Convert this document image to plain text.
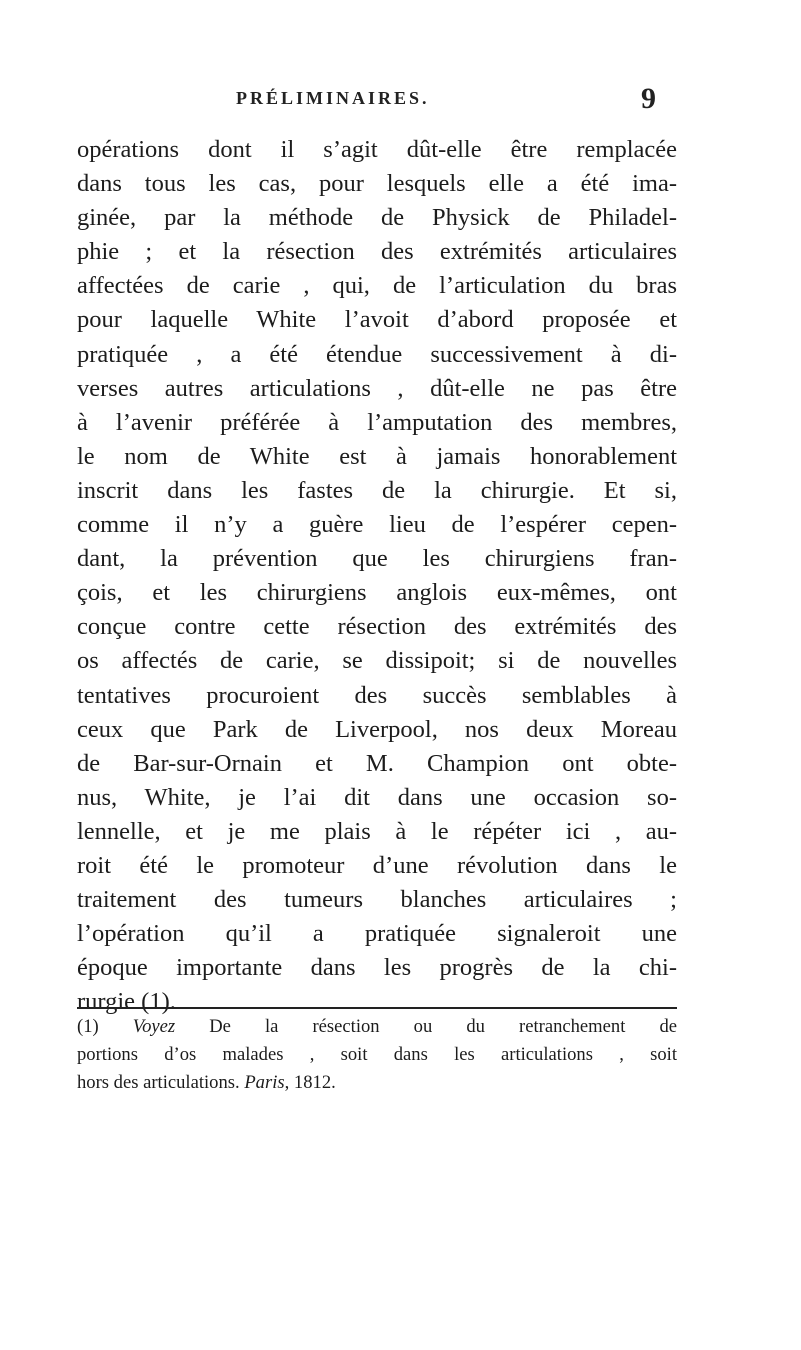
PRÉLIMINAIRES.	9
opérations dont il s’agit dût-elle être remplacée
dans tous les cas, pour lesquels elle a été ima-
ginée, par la méthode de Physick de Philadel-
phie ; et la résection des extrémités articulaires
affectées de carie , qui, de l’articulation du bras
pour laquelle White l’avoit d’abord proposée et
pratiquée , a été étendue successivement à di-
verses autres articulations , dût-elle ne pas être
à l’avenir préférée à l’amputation des membres,
le nom de White est à jamais honorablement
inscrit dans les fastes de la chirurgie. Et si,
comme il n’y a guère lieu de l’espérer cepen-
dant, la prévention que les chirurgiens fran-
çois, et les chirurgiens anglois eux-mêmes, ont
conçue contre cette résection des extrémités des
os affectés de carie, se dissipoit; si de nouvelles
tentatives procuroient des succès semblables à
ceux que Park de Liverpool, nos deux Moreau
de Bar-sur-Ornain et M. Champion ont obte-
nus, White, je l’ai dit dans une occasion so-
lennelle, et je me plais à le répéter ici , au-
roit été le promoteur d’une révolution dans le
traitement des tumeurs blanches articulaires ;
l’opération qu’il a pratiquée signaleroit une
époque importante dans les progrès de la chi-
rurgie (1).
(1) Voyez De la résection ou du retranchement de
portions d’os malades , soit dans les articulations , soit
hors des articulations. Paris, 1812.
